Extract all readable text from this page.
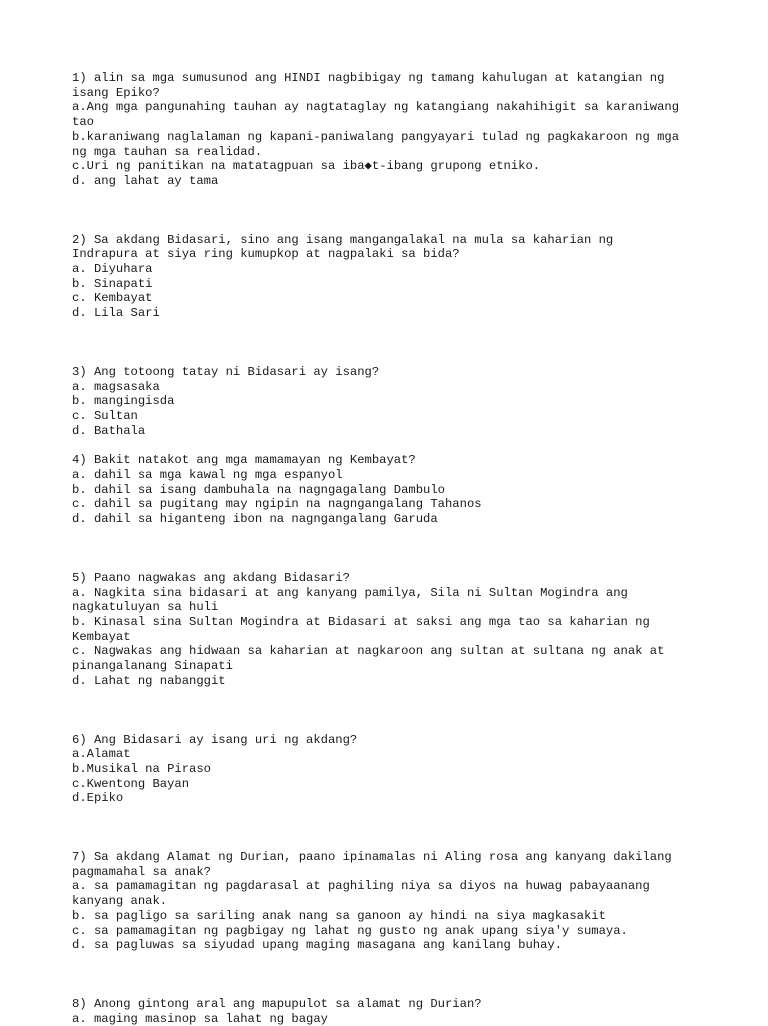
1) alin sa mga sumusunod ang HINDI nagbibigay ng tamang kahulugan at katangian ng
isang Epiko?
a.Ang mga pangunahing tauhan ay nagtataglay ng katangiang nakahihigit sa karaniwang
tao
b.karaniwang naglalaman ng kapani-paniwalang pangyayari tulad ng pagkakaroon ng mga
ng mga tauhan sa realidad.
c.Uri ng panitikan na matatagpuan sa iba◆t-ibang grupong etniko.
d. ang lahat ay tama
2) Sa akdang Bidasari, sino ang isang mangangalakal na mula sa kaharian ng
Indrapura at siya ring kumupkop at nagpalaki sa bida?
a. Diyuhara
b. Sinapati
c. Kembayat
d. Lila Sari
3) Ang totoong tatay ni Bidasari ay isang?
a. magsasaka
b. mangingisda
c. Sultan
d. Bathala
4) Bakit natakot ang mga mamamayan ng Kembayat?
a. dahil sa mga kawal ng mga espanyol
b. dahil sa isang dambuhala na nagngagalang Dambulo
c. dahil sa pugitang may ngipin na nagngangalang Tahanos
d. dahil sa higanteng ibon na nagngangalang Garuda
5) Paano nagwakas ang akdang Bidasari?
a. Nagkita sina bidasari at ang kanyang pamilya, Sila ni Sultan Mogindra ang
nagkatuluyan sa huli
b. Kinasal sina Sultan Mogindra at Bidasari at saksi ang mga tao sa kaharian ng
Kembayat
c. Nagwakas ang hidwaan sa kaharian at nagkaroon ang sultan at sultana ng anak at
pinangalanang Sinapati
d. Lahat ng nabanggit
6) Ang Bidasari ay isang uri ng akdang?
a.Alamat
b.Musikal na Piraso
c.Kwentong Bayan
d.Epiko
7) Sa akdang Alamat ng Durian, paano ipinamalas ni Aling rosa ang kanyang dakilang
pagmamahal sa anak?
a. sa pamamagitan ng pagdarasal at paghiling niya sa diyos na huwag pabayaanang
kanyang anak.
b. sa pagligo sa sariling anak nang sa ganoon ay hindi na siya magkasakit
c. sa pamamagitan ng pagbigay ng lahat ng gusto ng anak upang siya'y sumaya.
d. sa pagluwas sa siyudad upang maging masagana ang kanilang buhay.
8) Anong gintong aral ang mapupulot sa alamat ng Durian?
a. maging masinop sa lahat ng bagay
